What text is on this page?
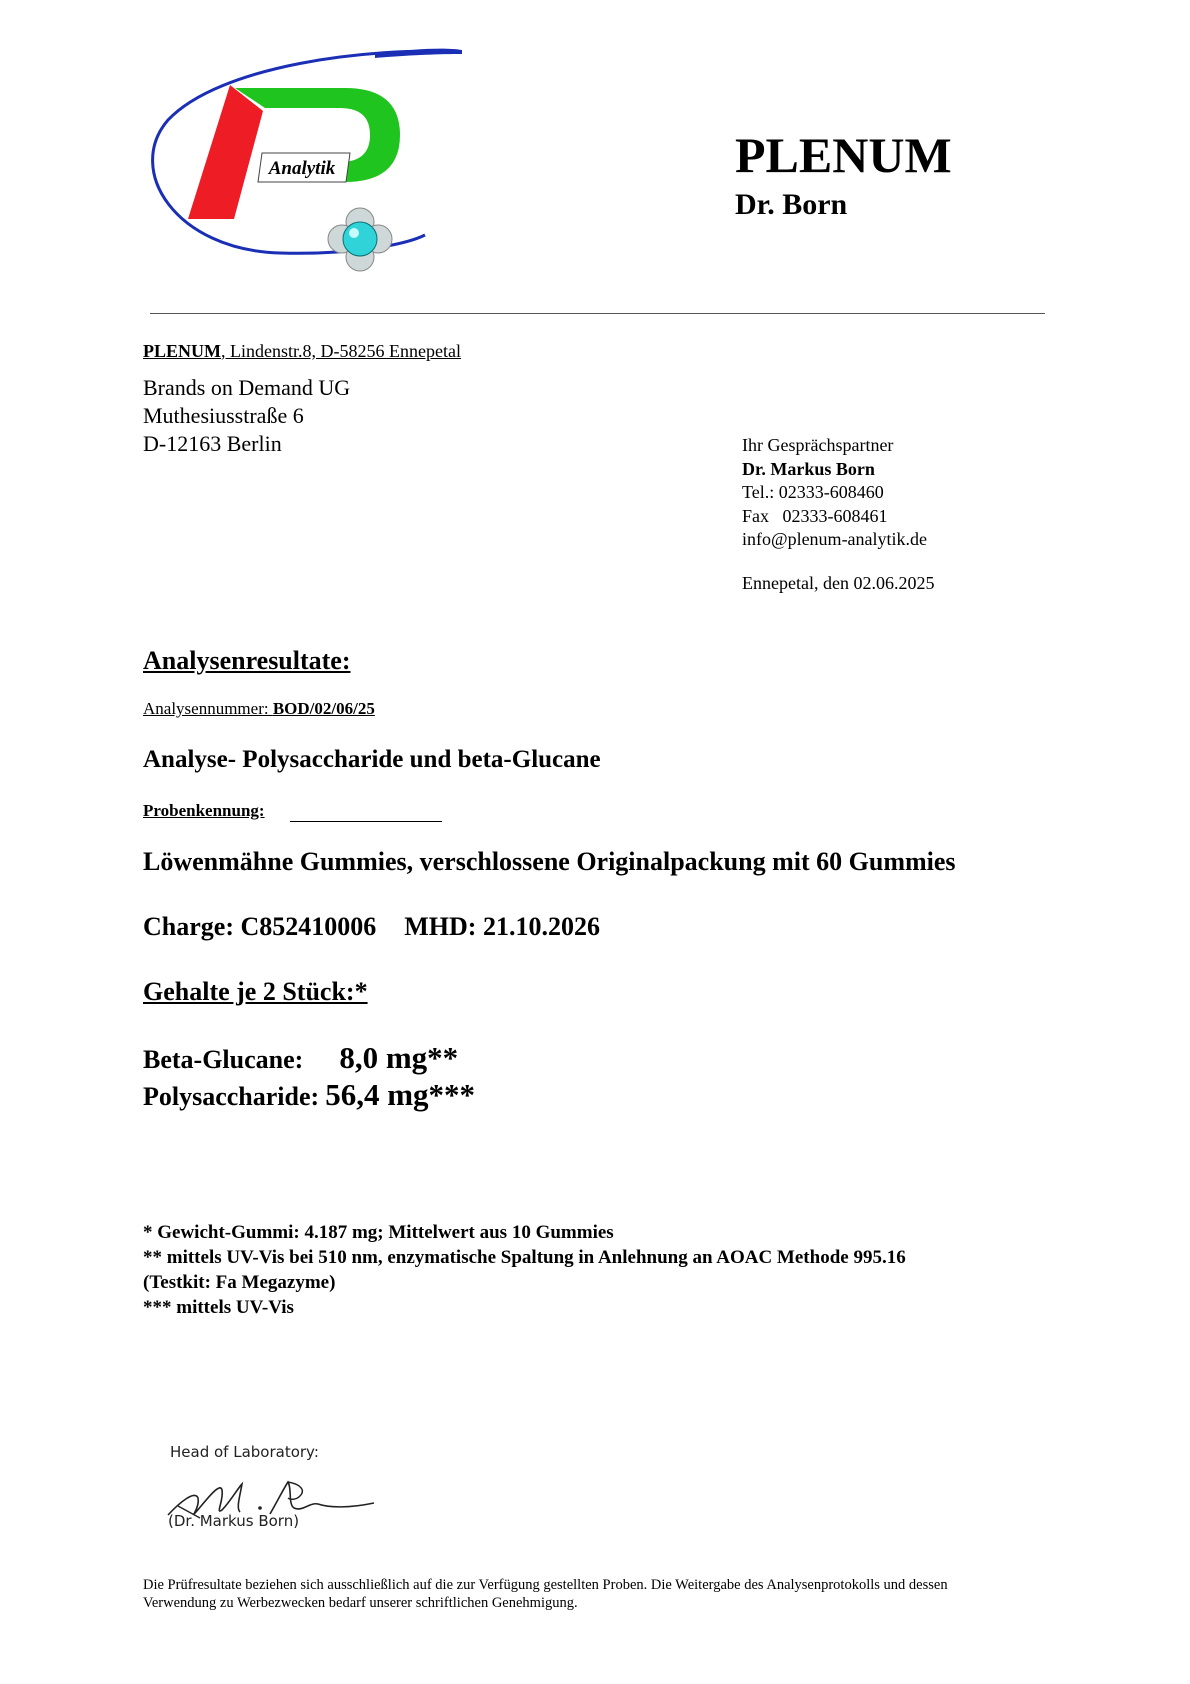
Analytik	PLENUM
Dr. Born
PLENUM, Lindenstr.8, D-58256 Ennepetal
Brands on Demand UG
Muthesiusstraße 6
D-12163 Berlin	Ihr Gesprächspartner
Dr. Markus Born
Tel.: 02333-608460
Fax   02333-608461
info@plenum-analytik.de
Ennepetal, den 02.06.2025
Analysenresultate:
Analysennummer: BOD/02/06/25
Analyse- Polysaccharide und beta-Glucane
Probenkennung:
Löwenmähne Gummies, verschlossene Originalpackung mit 60 Gummies
Charge: C852410006 MHD: 21.10.2026
Gehalte je 2 Stück:*
Beta-Glucane: 8,0 mg**
Polysaccharide: 56,4 mg***
* Gewicht-Gummi: 4.187 mg; Mittelwert aus 10 Gummies
** mittels UV-Vis bei 510 nm, enzymatische Spaltung in Anlehnung an AOAC Methode 995.16
(Testkit: Fa Megazyme)
*** mittels UV-Vis
Head of Laboratory:
(Dr. Markus Born)
Die Prüfresultate beziehen sich ausschließlich auf die zur Verfügung gestellten Proben. Die Weitergabe des Analysenprotokolls und dessen
Verwendung zu Werbezwecken bedarf unserer schriftlichen Genehmigung.
